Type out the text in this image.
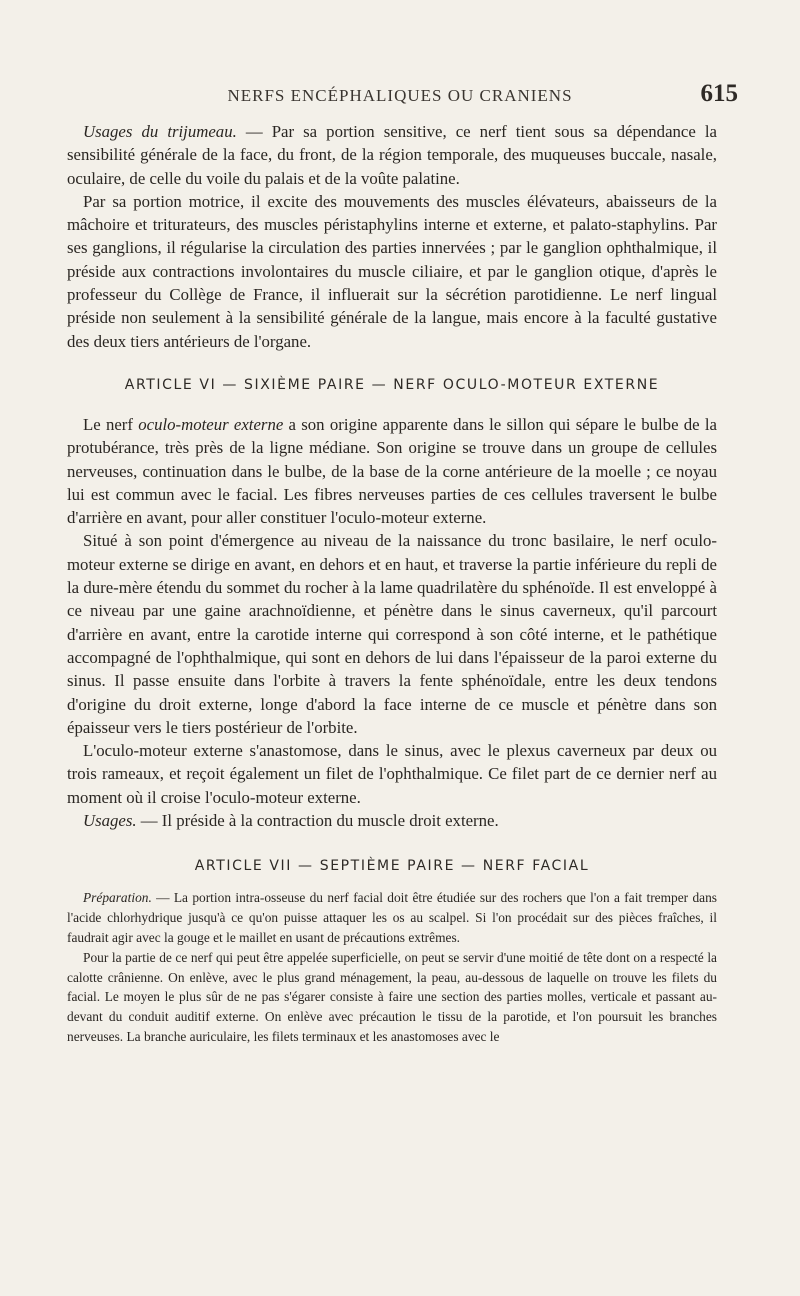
NERFS ENCÉPHALIQUES OU CRANIENS	615

Usages du trijumeau. — Par sa portion sensitive, ce nerf tient sous sa dépendance la sensibilité générale de la face, du front, de la région temporale, des muqueuses buccale, nasale, oculaire, de celle du voile du palais et de la voûte palatine.

Par sa portion motrice, il excite des mouvements des muscles élévateurs, abaisseurs de la mâchoire et triturateurs, des muscles péristaphylins interne et externe, et palato-staphylins. Par ses ganglions, il régularise la circulation des parties innervées ; par le ganglion ophthalmique, il préside aux contractions involontaires du muscle ciliaire, et par le ganglion otique, d'après le professeur du Collège de France, il influerait sur la sécrétion parotidienne. Le nerf lingual préside non seulement à la sensibilité générale de la langue, mais encore à la faculté gustative des deux tiers antérieurs de l'organe.

ARTICLE VI — SIXIÈME PAIRE — NERF OCULO-MOTEUR EXTERNE

Le nerf oculo-moteur externe a son origine apparente dans le sillon qui sépare le bulbe de la protubérance, très près de la ligne médiane. Son origine se trouve dans un groupe de cellules nerveuses, continuation dans le bulbe, de la base de la corne antérieure de la moelle ; ce noyau lui est commun avec le facial. Les fibres nerveuses parties de ces cellules traversent le bulbe d'arrière en avant, pour aller constituer l'oculo-moteur externe.

Situé à son point d'émergence au niveau de la naissance du tronc basilaire, le nerf oculo-moteur externe se dirige en avant, en dehors et en haut, et traverse la partie inférieure du repli de la dure-mère étendu du sommet du rocher à la lame quadrilatère du sphénoïde. Il est enveloppé à ce niveau par une gaine arachnoïdienne, et pénètre dans le sinus caverneux, qu'il parcourt d'arrière en avant, entre la carotide interne qui correspond à son côté interne, et le pathétique accompagné de l'ophthalmique, qui sont en dehors de lui dans l'épaisseur de la paroi externe du sinus. Il passe ensuite dans l'orbite à travers la fente sphénoïdale, entre les deux tendons d'origine du droit externe, longe d'abord la face interne de ce muscle et pénètre dans son épaisseur vers le tiers postérieur de l'orbite.

L'oculo-moteur externe s'anastomose, dans le sinus, avec le plexus caverneux par deux ou trois rameaux, et reçoit également un filet de l'ophthalmique. Ce filet part de ce dernier nerf au moment où il croise l'oculo-moteur externe.

Usages. — Il préside à la contraction du muscle droit externe.

ARTICLE VII — SEPTIÈME PAIRE — NERF FACIAL

Préparation. — La portion intra-osseuse du nerf facial doit être étudiée sur des rochers que l'on a fait tremper dans l'acide chlorhydrique jusqu'à ce qu'on puisse attaquer les os au scalpel. Si l'on procédait sur des pièces fraîches, il faudrait agir avec la gouge et le maillet en usant de précautions extrêmes.

Pour la partie de ce nerf qui peut être appelée superficielle, on peut se servir d'une moitié de tête dont on a respecté la calotte crânienne. On enlève, avec le plus grand ménagement, la peau, au-dessous de laquelle on trouve les filets du facial. Le moyen le plus sûr de ne pas s'égarer consiste à faire une section des parties molles, verticale et passant au-devant du conduit auditif externe. On enlève avec précaution le tissu de la parotide, et l'on poursuit les branches nerveuses. La branche auriculaire, les filets terminaux et les anastomoses avec le
